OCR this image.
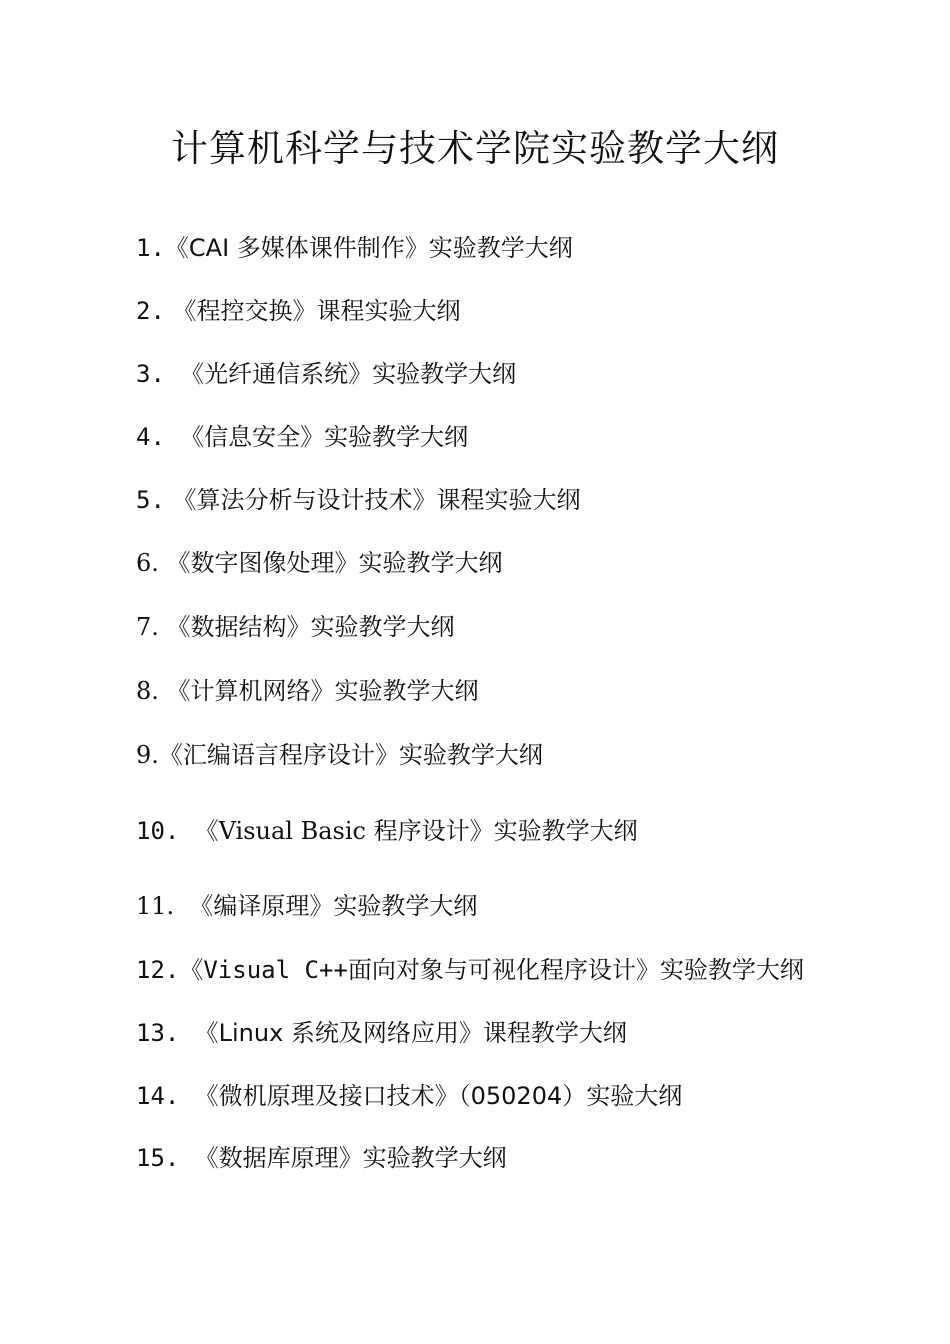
计算机科学与技术学院实验教学大纲
1.《CAI 多媒体课件制作》实验教学大纲
2. 《程控交换》课程实验大纲
3.  《光纤通信系统》实验教学大纲
4.  《信息安全》实验教学大纲
5. 《算法分析与设计技术》课程实验大纲
6. 《数字图像处理》实验教学大纲
7. 《数据结构》实验教学大纲
8. 《计算机网络》实验教学大纲
9.《汇编语言程序设计》实验教学大纲
10.  《Visual Basic 程序设计》实验教学大纲
11.  《编译原理》实验教学大纲
12.《Visual C++面向对象与可视化程序设计》实验教学大纲
13.  《Linux 系统及网络应用》课程教学大纲
14.  《微机原理及接口技术》（050204）实验大纲
15.  《数据库原理》实验教学大纲
